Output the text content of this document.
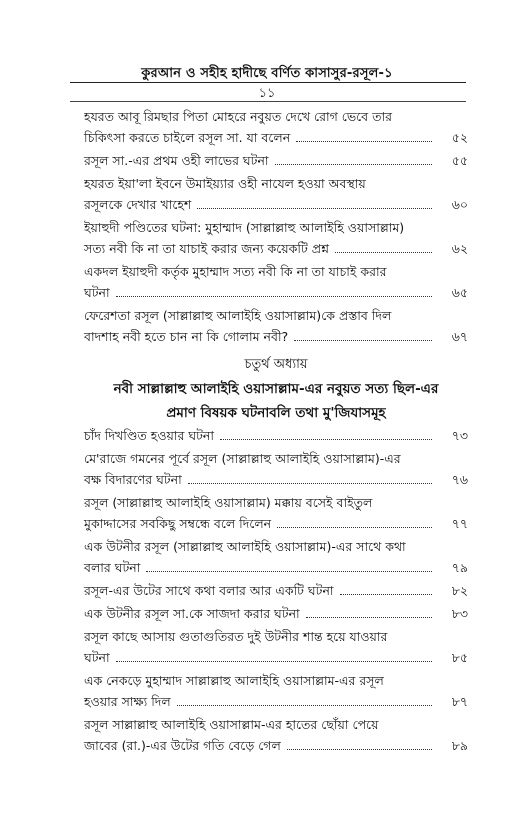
কুরআন ও সহীহ হাদীছে বর্ণিত কাসাসুর-রসূল-১
১১
হযরত আবূ রিমছার পিতা মোহরে নবুয়ত দেখে রোগ ভেবে তার
চিকিৎসা করতে চাইলে রসূল সা. যা বলেন	৫২
রসূল সা.-এর প্রথম ওহী লাভের ঘটনা	৫৫
হযরত ইয়া'লা ইবনে উমাইয়্যার ওহী নাযেল হওয়া অবস্থায়
রসূলকে দেখার খাহেশ	৬০
ইয়াহুদী পণ্ডিতের ঘটনা: মুহাম্মাদ (সাল্লাল্লাহু আলাইহি ওয়াসাল্লাম)
সত্য নবী কি না তা যাচাই করার জন্য কয়েকটি প্রশ্ন	৬২
একদল ইয়াহুদী কর্তৃক মুহাম্মাদ সত্য নবী কি না তা যাচাই করার
ঘটনা	৬৫
ফেরেশতা রসূল (সাল্লাল্লাহু আলাইহি ওয়াসাল্লাম)কে প্রস্তাব দিল
বাদশাহ নবী হতে চান না কি গোলাম নবী?	৬৭
চতুর্থ অধ্যায়
নবী সাল্লাল্লাহু আলাইহি ওয়াসাল্লাম-এর নবুয়ত সত্য ছিল-এর
প্রমাণ বিষয়ক ঘটনাবলি তথা মু'জিযাসমূহ
চাঁদ দিখণ্ডিত হওয়ার ঘটনা	৭৩
মে'রাজে গমনের পূর্বে রসূল (সাল্লাল্লাহু আলাইহি ওয়াসাল্লাম)-এর
বক্ষ বিদারণের ঘটনা	৭৬
রসূল (সাল্লাল্লাহু আলাইহি ওয়াসাল্লাম) মক্কায় বসেই বাইতুল
মুকাদ্দাসের সবকিছু সম্বন্ধে বলে দিলেন	৭৭
এক উটনীর রসূল (সাল্লাল্লাহু আলাইহি ওয়াসাল্লাম)-এর সাথে কথা
বলার ঘটনা	৭৯
রসূল-এর উটের সাথে কথা বলার আর একটি ঘটনা	৮২
এক উটনীর রসূল সা.কে সাজদা করার ঘটনা	৮৩
রসূল কাছে আসায় গুতাগুতিরত দুই উটনীর শান্ত হয়ে যাওয়ার
ঘটনা	৮৫
এক নেকড়ে মুহাম্মাদ সাল্লাল্লাহু আলাইহি ওয়াসাল্লাম-এর রসূল
হওয়ার সাক্ষ্য দিল	৮৭
রসূল সাল্লাল্লাহু আলাইহি ওয়াসাল্লাম-এর হাতের ছোঁয়া পেয়ে
জাবের (রা.)-এর উটের গতি বেড়ে গেল	৮৯
